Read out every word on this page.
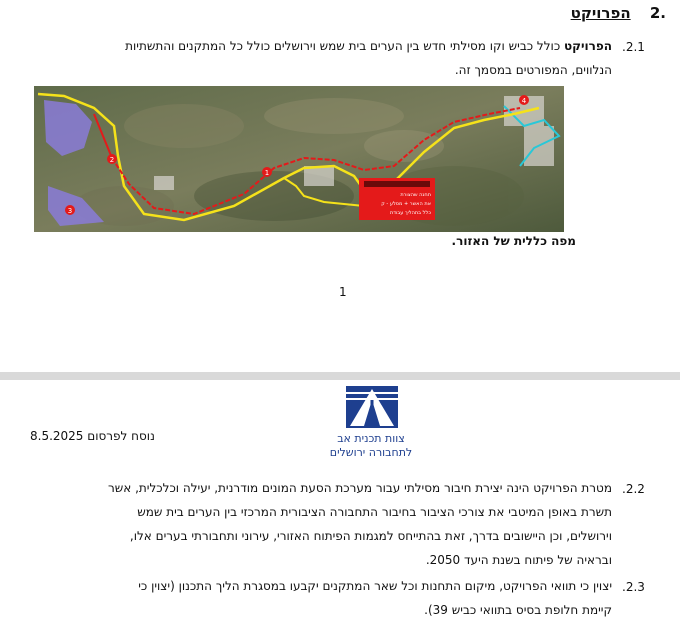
.2 הפרויקט
.2.1
הפרויקט כולל כביש וקו מסילתי חדש בין הערים בית שמש וירושלים כולל כל המתקנים והתשתיות
הנלווים, המפורטים במסמך זה.
תחנה שהצורת
את האשר + מסלע - ק
כלל בתהליך עבודת
1
2
3
4
מפה כללית של האזור.
1
צוות תכנית אב
לתחבורה ירושלים
נוסח לפרסום 8.5.2025
.2.2
מטרת הפרויקט הינה יצירת חיבור מסילתי עבור מערכת הסעת המונים מודרנית, יעילה וכלכלית, אשר
תשרת באופן המיטבי את צורכי הציבור בחיבור התחבורה הציבורית המרכזי בין הערים בית שמש
וירושלים, וכן היישובים בדרך, זאת בהתייחס למגמות הפיתוח האזורי, עירוני ותחבורתי בערים אלו,
ובראיה של פיתוח בשנת היעד 2050.
.2.3
יצוין כי תוואי הפרויקט, מיקום התחנות וכל שאר המתקנים יקבעו במסגרת הליך התכנון (יצוין כי
קיימת חלופת בסיס בתוואי כביש 39).
